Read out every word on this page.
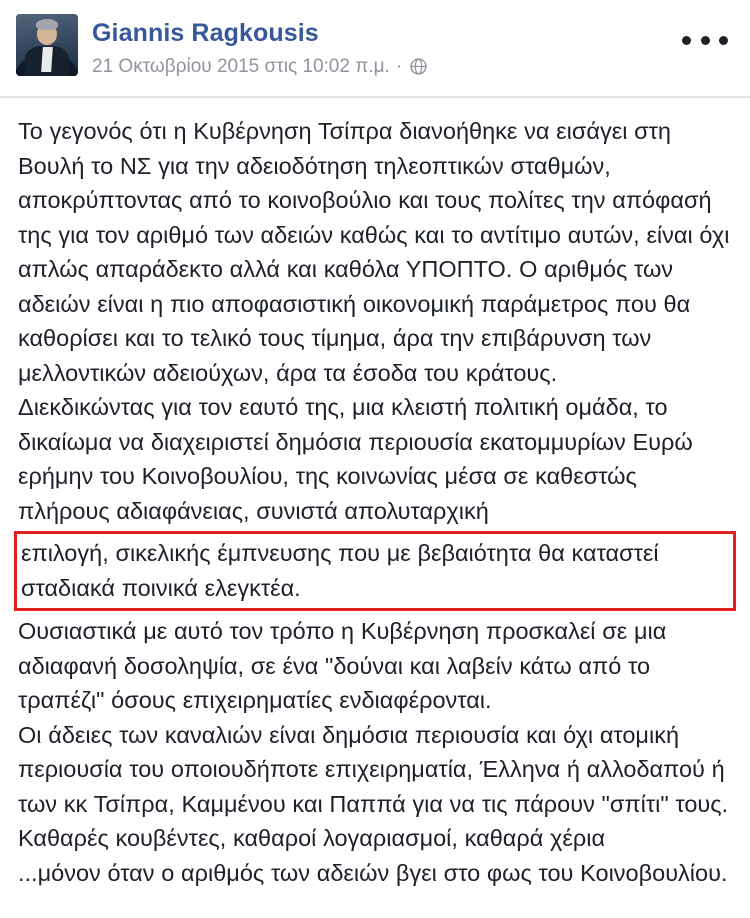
Giannis Ragkousis
21 Οκτωβρίου 2015 στις 10:02 π.μ. ·

Το γεγονός ότι η Κυβέρνηση Τσίπρα διανοήθηκε να εισάγει στη Βουλή το ΝΣ για την αδειοδότηση τηλεοπτικών σταθμών, αποκρύπτοντας από το κοινοβούλιο και τους πολίτες την απόφασή της για τον αριθμό των αδειών καθώς και το αντίτιμο αυτών, είναι όχι απλώς απαράδεκτο αλλά και καθόλα ΥΠΟΠΤΟ. Ο αριθμός των αδειών είναι η πιο αποφασιστική οικονομική παράμετρος που θα καθορίσει και το τελικό τους τίμημα, άρα την επιβάρυνση των μελλοντικών αδειούχων, άρα τα έσοδα του κράτους.

Διεκδικώντας για τον εαυτό της, μια κλειστή πολιτική ομάδα, το δικαίωμα να διαχειριστεί δημόσια περιουσία εκατομμυρίων Ευρώ ερήμην του Κοινοβουλίου, της κοινωνίας μέσα σε καθεστώς πλήρους αδιαφάνειας, συνιστά απολυταρχική

επιλογή, σικελικής έμπνευσης που με βεβαιότητα θα καταστεί σταδιακά ποινικά ελεγκτέα.

Ουσιαστικά με αυτό τον τρόπο η Κυβέρνηση προσκαλεί σε μια αδιαφανή δοσοληψία, σε ένα "δούναι και λαβείν κάτω από το τραπέζι" όσους επιχειρηματίες ενδιαφέρονται.

Οι άδειες των καναλιών είναι δημόσια περιουσία και όχι ατομική περιουσία του οποιουδήποτε επιχειρηματία, Έλληνα ή αλλοδαπού ή των κκ Τσίπρα, Καμμένου και Παππά για να τις πάρουν "σπίτι" τους.

Καθαρές κουβέντες, καθαροί λογαριασμοί, καθαρά χέρια

...μόνον όταν ο αριθμός των αδειών βγει στο φως του Κοινοβουλίου.
